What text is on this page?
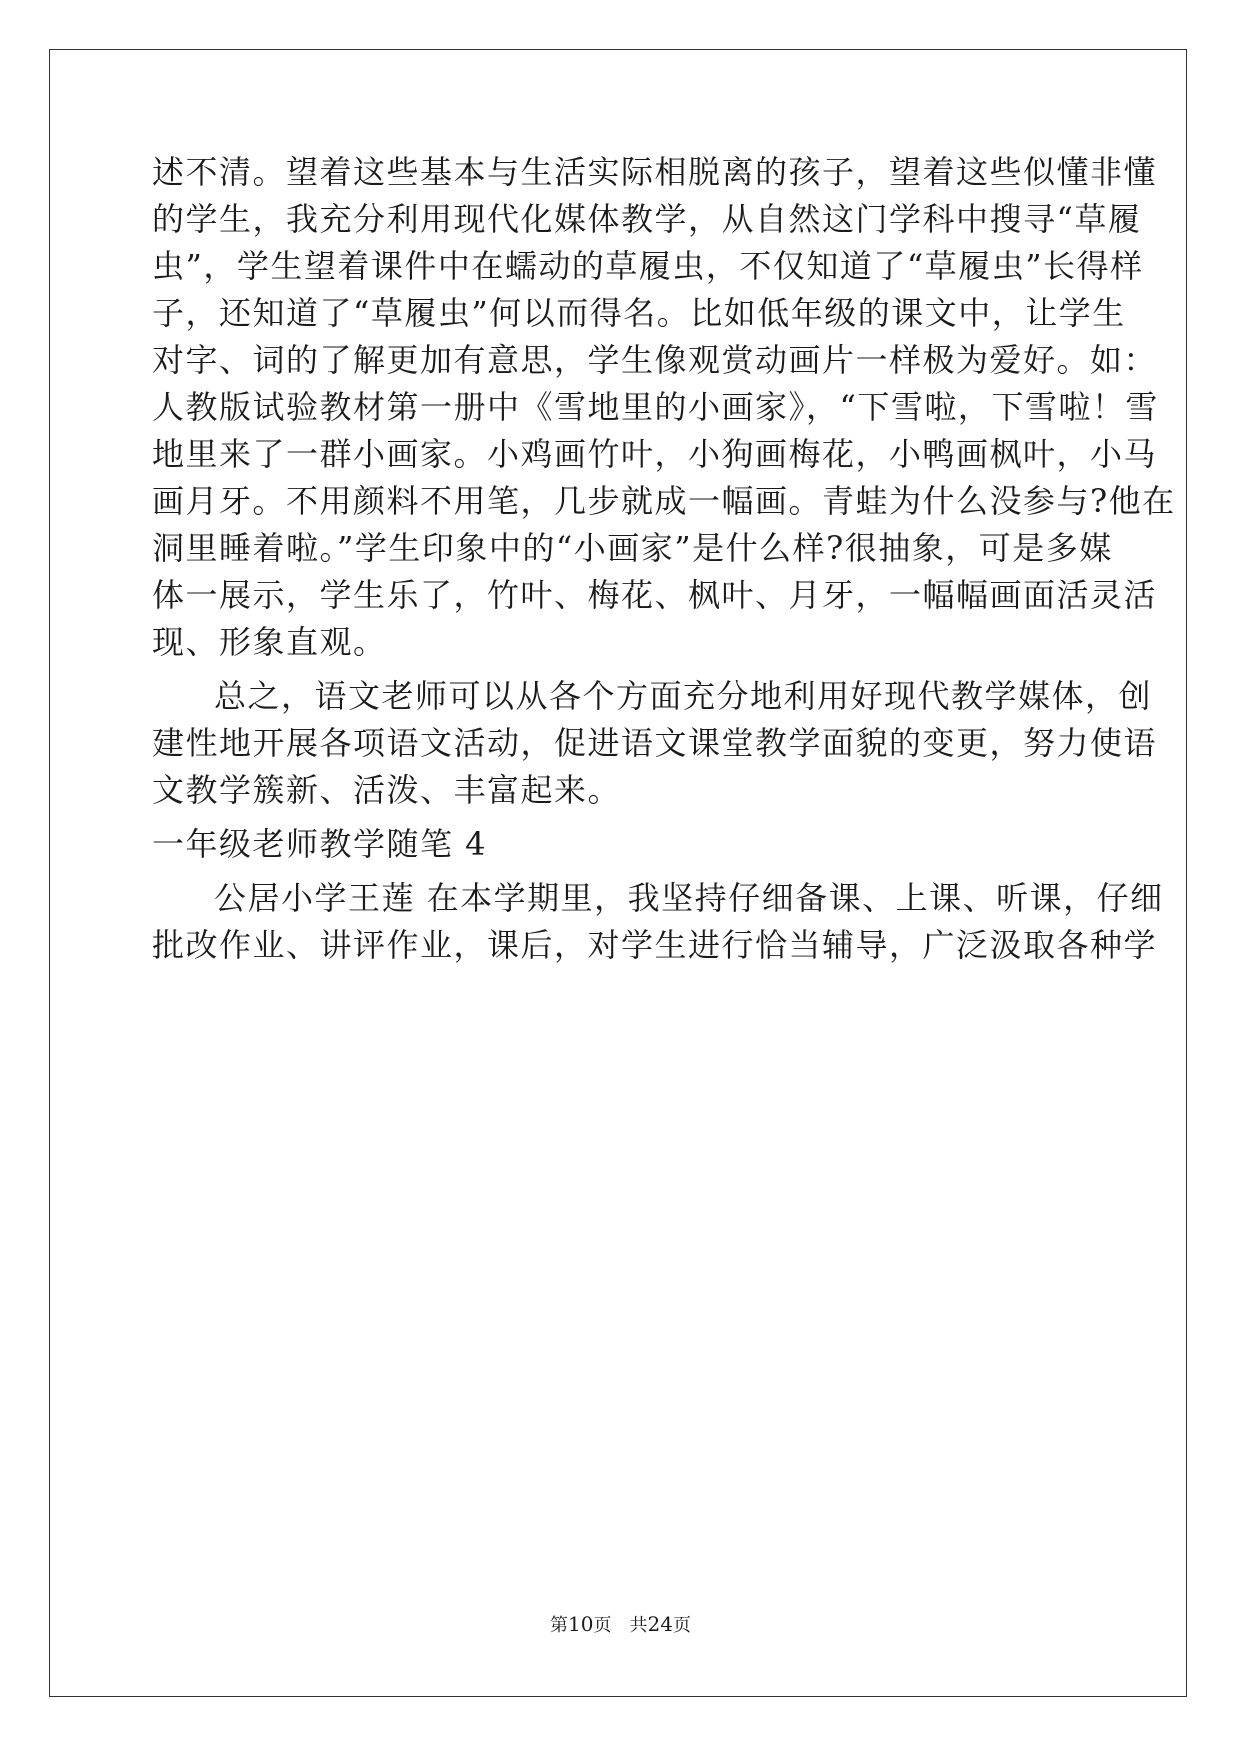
述不清。望着这些基本与生活实际相脱离的孩子，望着这些似懂非懂
的学生，我充分利用现代化媒体教学，从自然这门学科中搜寻“草履
虫”，学生望着课件中在蠕动的草履虫，不仅知道了“草履虫”长得样
子，还知道了“草履虫”何以而得名。比如低年级的课文中，让学生
对字、词的了解更加有意思，学生像观赏动画片一样极为爱好。如：
人教版试验教材第一册中《雪地里的小画家》，“下雪啦，下雪啦！雪
地里来了一群小画家。小鸡画竹叶，小狗画梅花，小鸭画枫叶，小马
画月牙。不用颜料不用笔，几步就成一幅画。青蛙为什么没参与?他在
洞里睡着啦。”学生印象中的“小画家”是什么样?很抽象，可是多媒
体一展示，学生乐了，竹叶、梅花、枫叶、月牙，一幅幅画面活灵活
现、形象直观。
总之，语文老师可以从各个方面充分地利用好现代教学媒体，创
建性地开展各项语文活动，促进语文课堂教学面貌的变更，努力使语
文教学簇新、活泼、丰富起来。
一年级老师教学随笔 4
公居小学王莲 在本学期里，我坚持仔细备课、上课、听课，仔细
批改作业、讲评作业，课后，对学生进行恰当辅导，广泛汲取各种学
第10页　共24页
